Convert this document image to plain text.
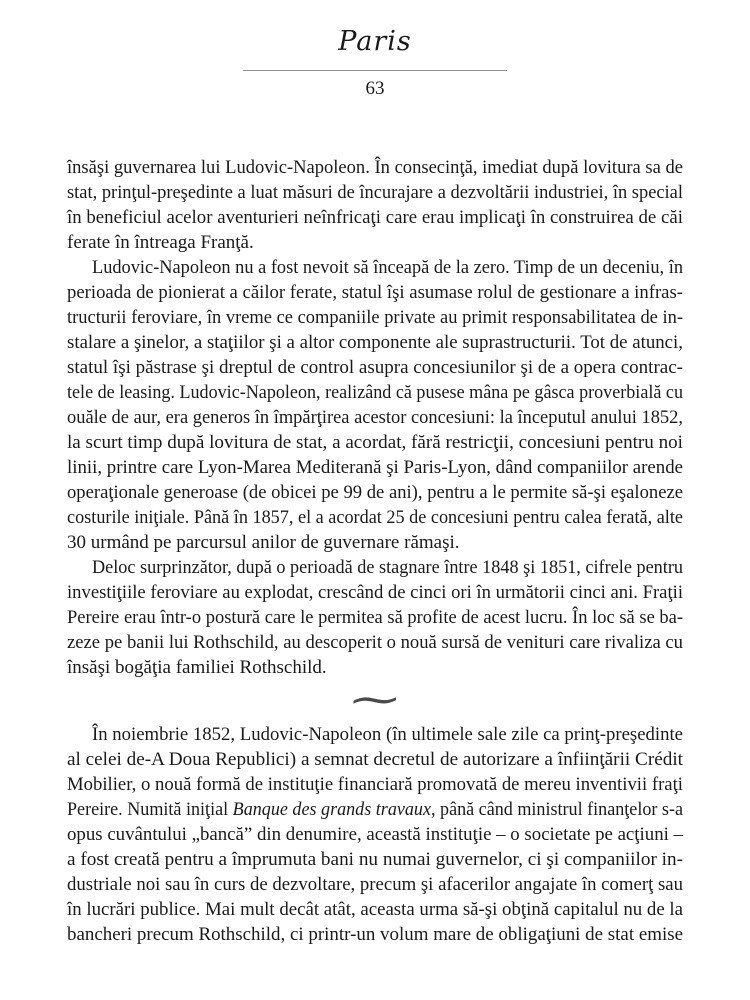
Paris
63
însăşi guvernarea lui Ludovic-Napoleon. În consecinţă, imediat după lovitura sa de
stat, prinţul-preşedinte a luat măsuri de încurajare a dezvoltării industriei, în special
în beneficiul acelor aventurieri neînfricaţi care erau implicaţi în construirea de căi
ferate în întreaga Franţă.
Ludovic-Napoleon nu a fost nevoit să înceapă de la zero. Timp de un deceniu, în
perioada de pionierat a căilor ferate, statul îşi asumase rolul de gestionare a infras-
tructurii feroviare, în vreme ce companiile private au primit responsabilitatea de in-
stalare a şinelor, a staţiilor şi a altor componente ale suprastructurii. Tot de atunci,
statul îşi păstrase şi dreptul de control asupra concesiunilor şi de a opera contrac-
tele de leasing. Ludovic-Napoleon, realizând că pusese mâna pe gâsca proverbială cu
ouăle de aur, era generos în împărţirea acestor concesiuni: la începutul anului 1852,
la scurt timp după lovitura de stat, a acordat, fără restricţii, concesiuni pentru noi
linii, printre care Lyon-Marea Mediterană şi Paris-Lyon, dând companiilor arende
operaţionale generoase (de obicei pe 99 de ani), pentru a le permite să-şi eşaloneze
costurile iniţiale. Până în 1857, el a acordat 25 de concesiuni pentru calea ferată, alte
30 urmând pe parcursul anilor de guvernare rămaşi.
Deloc surprinzător, după o perioadă de stagnare între 1848 şi 1851, cifrele pentru
investiţiile feroviare au explodat, crescând de cinci ori în următorii cinci ani. Fraţii
Pereire erau într-o postură care le permitea să profite de acest lucru. În loc să se ba-
zeze pe banii lui Rothschild, au descoperit o nouă sursă de venituri care rivaliza cu
însăşi bogăţia familiei Rothschild.
∼
În noiembrie 1852, Ludovic-Napoleon (în ultimele sale zile ca prinţ-preşedinte
al celei de-A Doua Republici) a semnat decretul de autorizare a înfiinţării Crédit
Mobilier, o nouă formă de instituţie financiară promovată de mereu inventivii fraţi
Pereire. Numită iniţial Banque des grands travaux, până când ministrul finanţelor s-a
opus cuvântului „bancă” din denumire, această instituţie – o societate pe acţiuni –
a fost creată pentru a împrumuta bani nu numai guvernelor, ci şi companiilor in-
dustriale noi sau în curs de dezvoltare, precum şi afacerilor angajate în comerţ sau
în lucrări publice. Mai mult decât atât, aceasta urma să-şi obţină capitalul nu de la
bancheri precum Rothschild, ci printr-un volum mare de obligaţiuni de stat emise
